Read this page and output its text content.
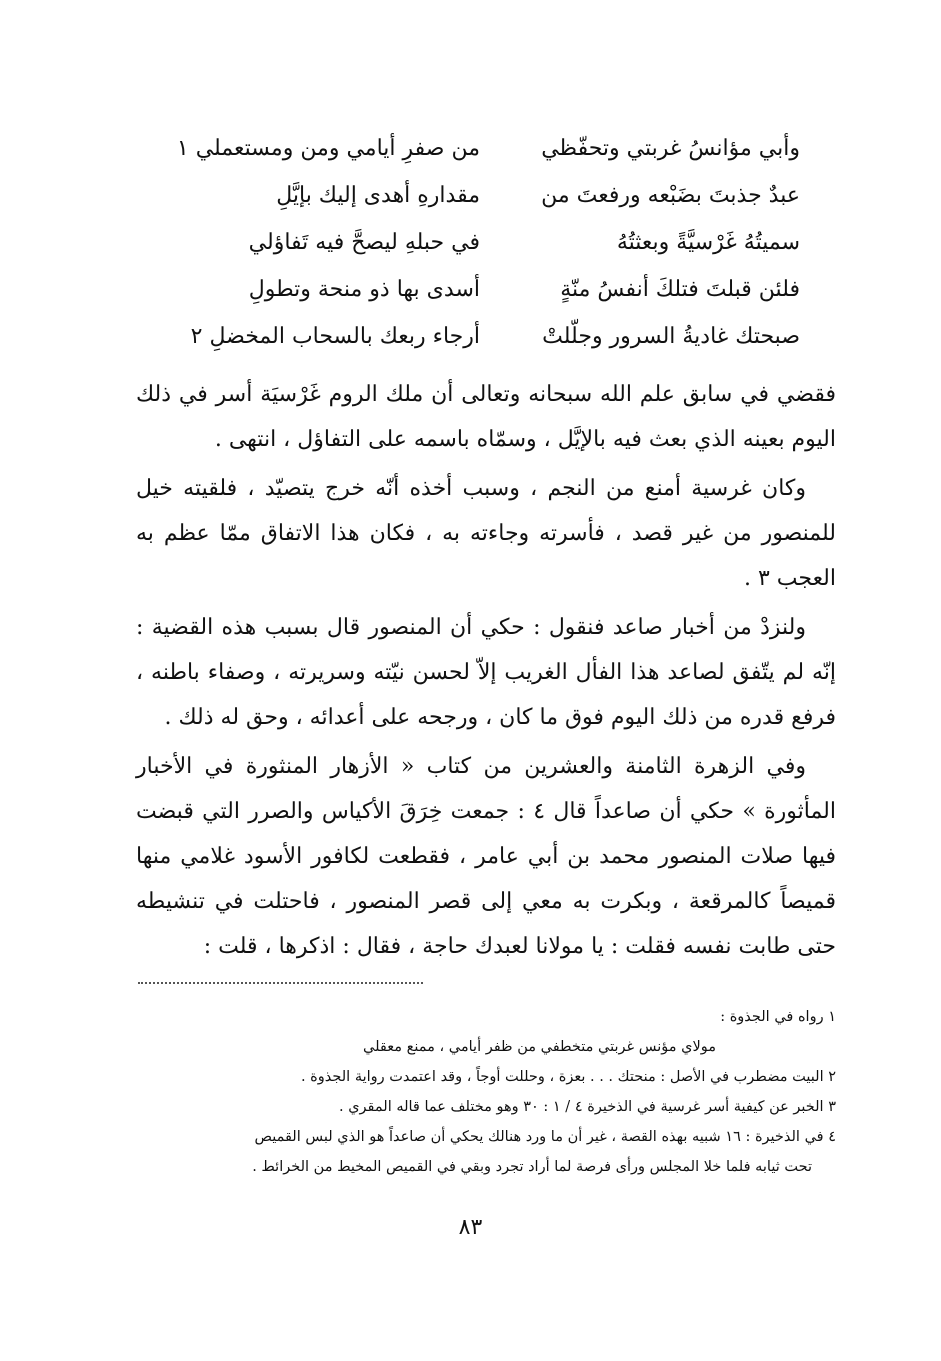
وأبي مؤانسُ غربتي وتحفّظي
من صفرِ أيامي ومن ومستعملي ١
عبدٌ جذبتَ بضَبْعه ورفعتَ من
مقدارهِ أهدى إليك بإيَّلِ
سميتُهُ غَرْسيَّةً وبعثتُهُ
في حبلهِ ليصحَّ فيه تَفاؤلي
فلئن قبلتَ فتلكَ أنفسُ منّةٍ
أسدى بها ذو منحة وتطولِ
صبحتك غاديةُ السرور وجلّلتْ
أرجاء ربعك بالسحاب المخضلِ ٢

فقضي في سابق علم الله سبحانه وتعالى أن ملك الروم غَرْسيَة أسر في ذلك اليوم بعينه الذي بعث فيه بالإيَّل ، وسمّاه باسمه على التفاؤل ، انتهى .

وكان غرسية أمنع من النجم ، وسبب أخذه أنّه خرج يتصيّد ، فلقيته خيل للمنصور من غير قصد ، فأسرته وجاءته به ، فكان هذا الاتفاق ممّا عظم به العجب ٣ .

ولنزدْ من أخبار صاعد فنقول : حكي أن المنصور قال بسبب هذه القضية : إنّه لم يتّفق لصاعد هذا الفأل الغريب إلاّ لحسن نيّته وسريرته ، وصفاء باطنه ، فرفع قدره من ذلك اليوم فوق ما كان ، ورجحه على أعدائه ، وحق له ذلك .

وفي الزهرة الثامنة والعشرين من كتاب « الأزهار المنثورة في الأخبار المأثورة » حكي أن صاعداً قال ٤ : جمعت خِرَقَ الأكياس والصرر التي قبضت فيها صلات المنصور محمد بن أبي عامر ، فقطعت لكافور الأسود غلامي منها قميصاً كالمرقعة ، وبكرت به معي إلى قصر المنصور ، فاحتلت في تنشيطه حتى طابت نفسه فقلت : يا مولانا لعبدك حاجة ، فقال : اذكرها ، قلت :

١ رواه في الجذوة :

مولاي مؤنس غربتي متخطفي من ظفر أيامي ، ممنع معقلي

٢ البيت مضطرب في الأصل : منحتك . . . بعزة ، وحللت أوجاً ، وقد اعتمدت رواية الجذوة .

٣ الخبر عن كيفية أسر غرسية في الذخيرة ٤ / ١ : ٣٠ وهو مختلف عما قاله المقري .

٤ في الذخيرة : ١٦ شبيه بهذه القصة ، غير أن ما ورد هنالك يحكي أن صاعداً هو الذي لبس القميص

تحت ثيابه فلما خلا المجلس ورأى فرصة لما أراد تجرد وبقي في القميص المخيط من الخرائط .

٨٣
